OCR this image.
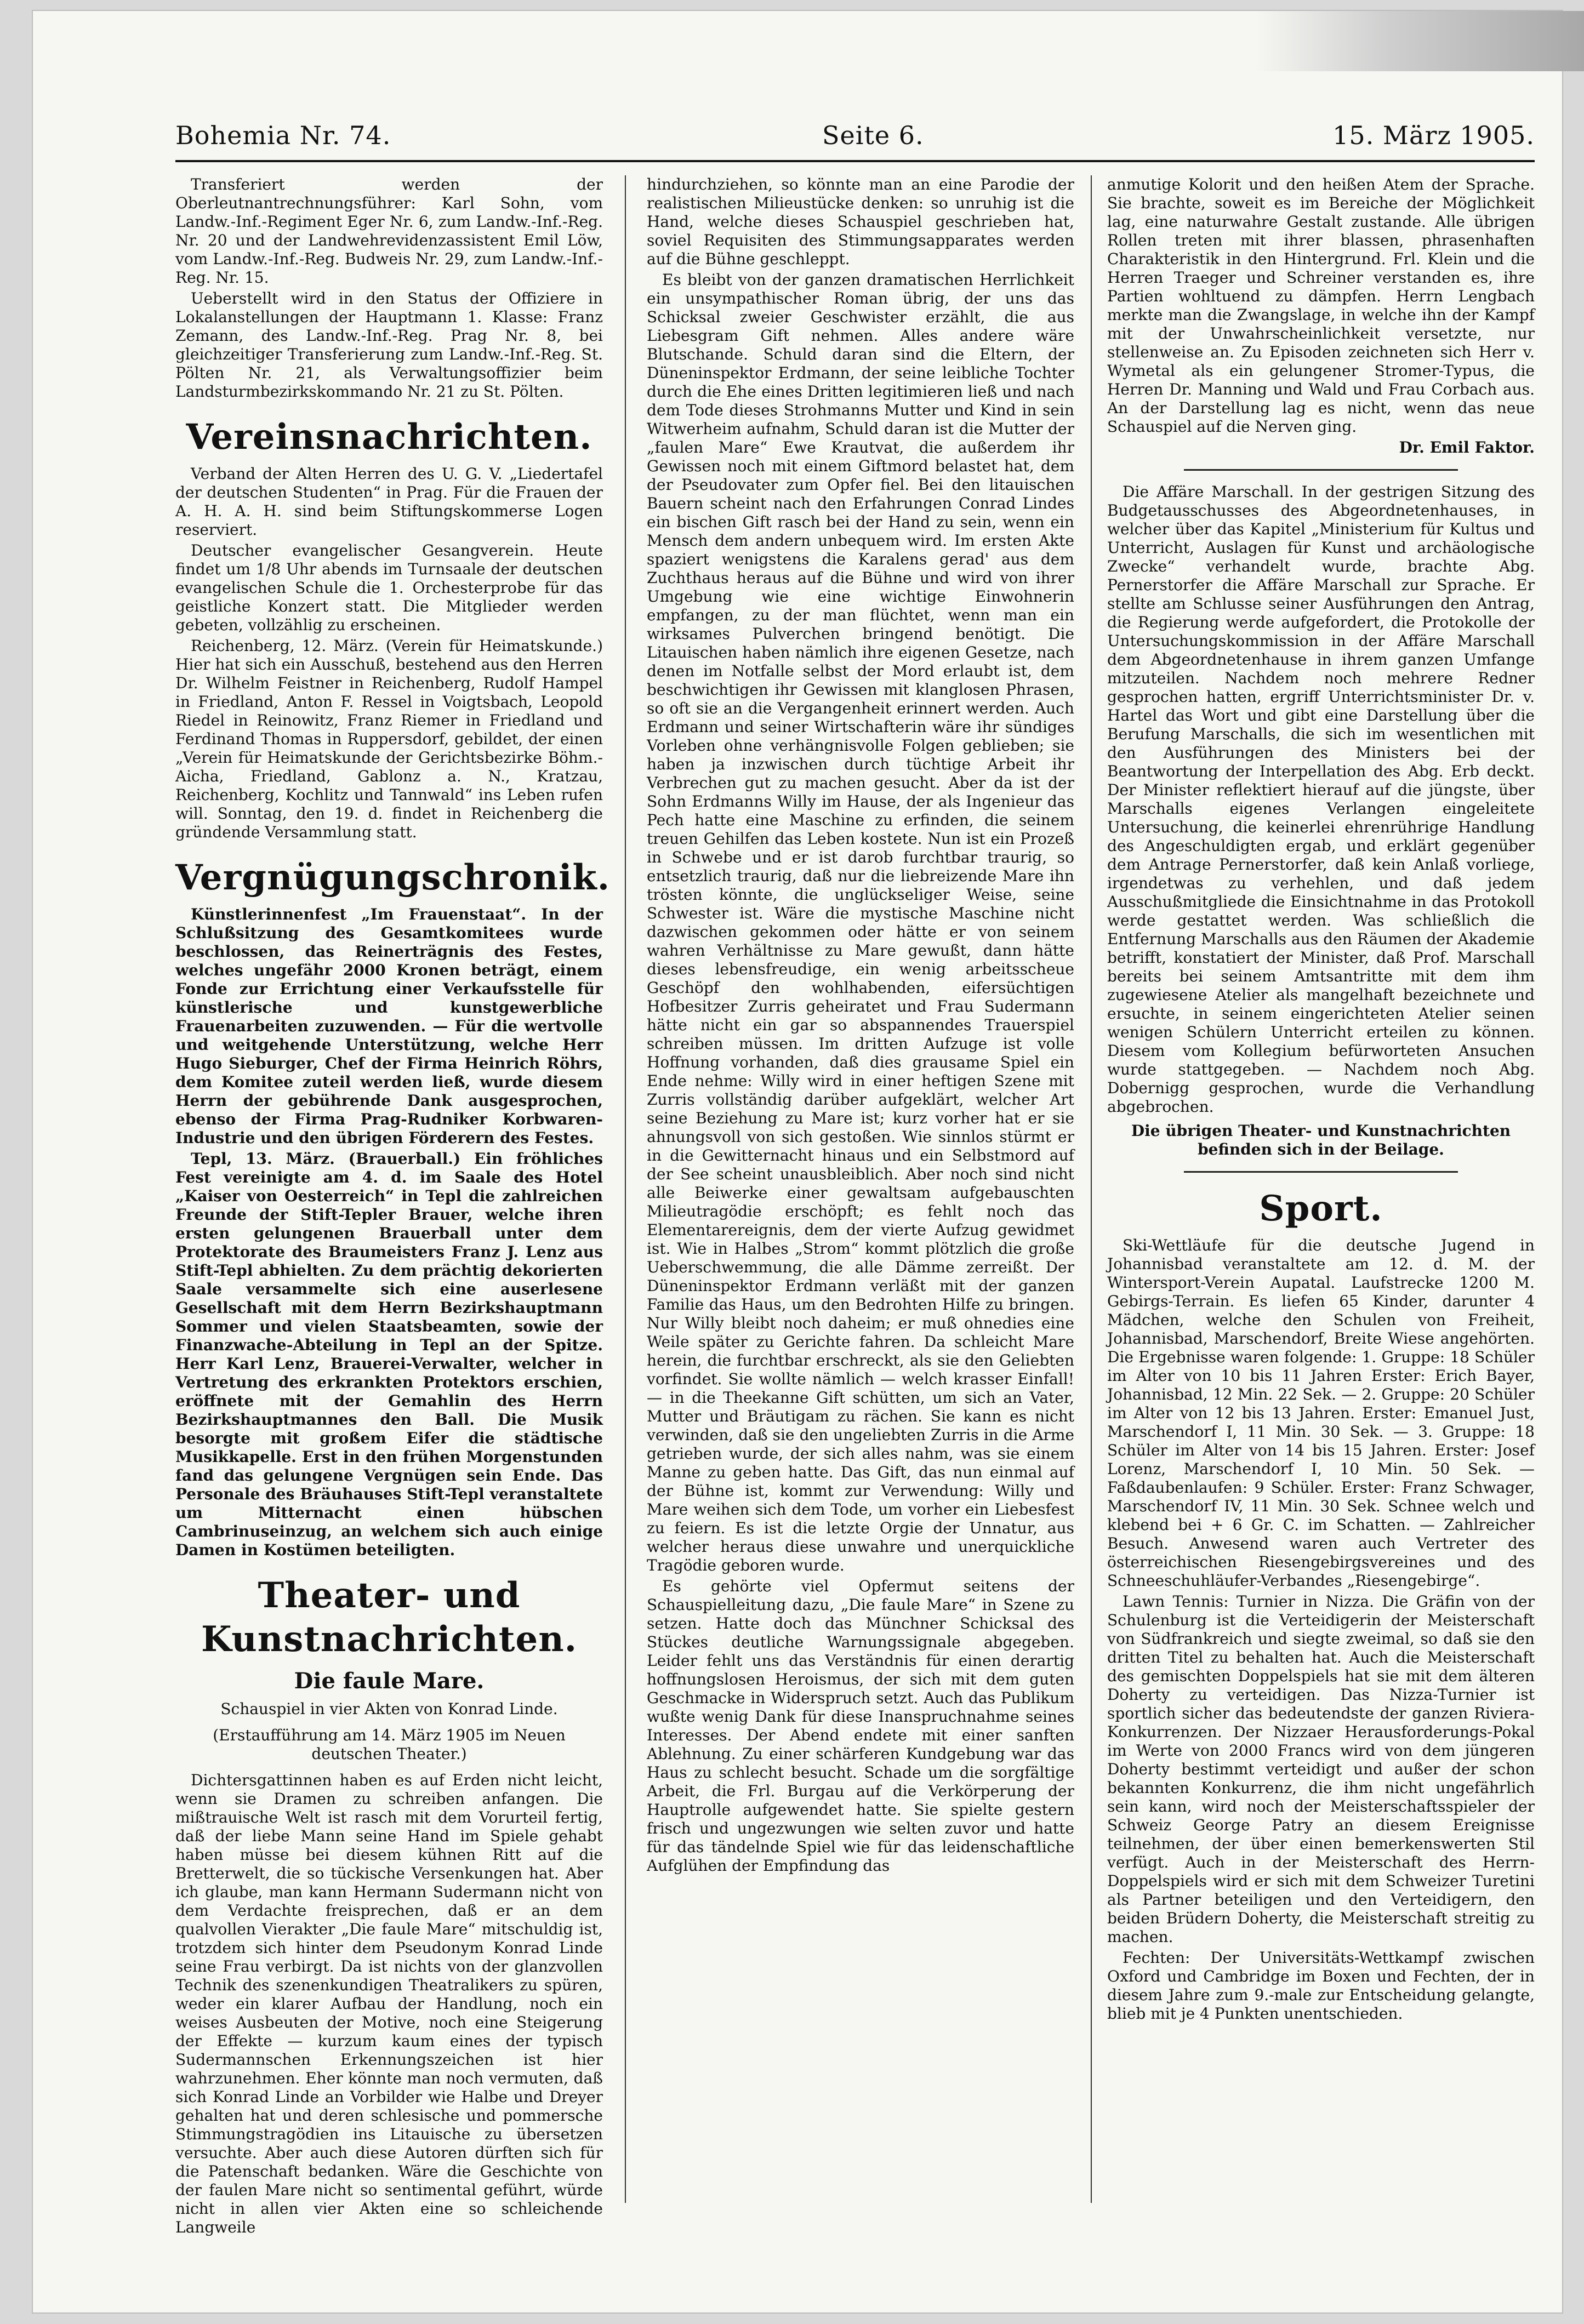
Bohemia Nr. 74.	Seite 6.	15. März 1905.

Transferiert werden der Oberleutnantrechnungsführer: Karl Sohn, vom Landw.-Inf.-Regiment Eger Nr. 6, zum Landw.-Inf.-Reg. Nr. 20 und der Landwehrevidenzassistent Emil Löw, vom Landw.-Inf.-Reg. Budweis Nr. 29, zum Landw.-Inf.-Reg. Nr. 15.

Ueberstellt wird in den Status der Offiziere in Lokalanstellungen der Hauptmann 1. Klasse: Franz Zemann, des Landw.-Inf.-Reg. Prag Nr. 8, bei gleichzeitiger Transferierung zum Landw.-Inf.-Reg. St. Pölten Nr. 21, als Verwaltungsoffizier beim Landsturmbezirkskommando Nr. 21 zu St. Pölten.

Vereinsnachrichten.

Verband der Alten Herren des U. G. V. „Liedertafel der deutschen Studenten“ in Prag. Für die Frauen der A. H. A. H. sind beim Stiftungskommerse Logen reserviert.

Deutscher evangelischer Gesangverein. Heute findet um 1/8 Uhr abends im Turnsaale der deutschen evangelischen Schule die 1. Orchesterprobe für das geistliche Konzert statt. Die Mitglieder werden gebeten, vollzählig zu erscheinen.

Reichenberg, 12. März. (Verein für Heimatskunde.) Hier hat sich ein Ausschuß, bestehend aus den Herren Dr. Wilhelm Feistner in Reichenberg, Rudolf Hampel in Friedland, Anton F. Ressel in Voigtsbach, Leopold Riedel in Reinowitz, Franz Riemer in Friedland und Ferdinand Thomas in Ruppersdorf, gebildet, der einen „Verein für Heimatskunde der Gerichtsbezirke Böhm.-Aicha, Friedland, Gablonz a. N., Kratzau, Reichenberg, Kochlitz und Tannwald“ ins Leben rufen will. Sonntag, den 19. d. findet in Reichenberg die gründende Versammlung statt.

Vergnügungschronik.

Künstlerinnenfest „Im Frauenstaat“. In der Schlußsitzung des Gesamtkomitees wurde beschlossen, das Reinerträgnis des Festes, welches ungefähr 2000 Kronen beträgt, einem Fonde zur Errichtung einer Verkaufsstelle für künstlerische und kunstgewerbliche Frauenarbeiten zuzuwenden. — Für die wertvolle und weitgehende Unterstützung, welche Herr Hugo Sieburger, Chef der Firma Heinrich Röhrs, dem Komitee zuteil werden ließ, wurde diesem Herrn der gebührende Dank ausgesprochen, ebenso der Firma Prag-Rudniker Korbwaren-Industrie und den übrigen Förderern des Festes.

Tepl, 13. März. (Brauerball.) Ein fröhliches Fest vereinigte am 4. d. im Saale des Hotel „Kaiser von Oesterreich“ in Tepl die zahlreichen Freunde der Stift-Tepler Brauer, welche ihren ersten gelungenen Brauerball unter dem Protektorate des Braumeisters Franz J. Lenz aus Stift-Tepl abhielten. Zu dem prächtig dekorierten Saale versammelte sich eine auserlesene Gesellschaft mit dem Herrn Bezirkshauptmann Sommer und vielen Staatsbeamten, sowie der Finanzwache-Abteilung in Tepl an der Spitze. Herr Karl Lenz, Brauerei-Verwalter, welcher in Vertretung des erkrankten Protektors erschien, eröffnete mit der Gemahlin des Herrn Bezirkshauptmannes den Ball. Die Musik besorgte mit großem Eifer die städtische Musikkapelle. Erst in den frühen Morgenstunden fand das gelungene Vergnügen sein Ende. Das Personale des Bräuhauses Stift-Tepl veranstaltete um Mitternacht einen hübschen Cambrinuseinzug, an welchem sich auch einige Damen in Kostümen beteiligten.

Theater- und Kunstnachrichten.
Die faule Mare.
Schauspiel in vier Akten von Konrad Linde.
(Erstaufführung am 14. März 1905 im Neuen deutschen Theater.)

Dichtersgattinnen haben es auf Erden nicht leicht, wenn sie Dramen zu schreiben anfangen. Die mißtrauische Welt ist rasch mit dem Vorurteil fertig, daß der liebe Mann seine Hand im Spiele gehabt haben müsse bei diesem kühnen Ritt auf die Bretterwelt, die so tückische Versenkungen hat. Aber ich glaube, man kann Hermann Sudermann nicht von dem Verdachte freisprechen, daß er an dem qualvollen Vierakter „Die faule Mare“ mitschuldig ist, trotzdem sich hinter dem Pseudonym Konrad Linde seine Frau verbirgt. Da ist nichts von der glanzvollen Technik des szenenkundigen Theatralikers zu spüren, weder ein klarer Aufbau der Handlung, noch ein weises Ausbeuten der Motive, noch eine Steigerung der Effekte — kurzum kaum eines der typisch Sudermannschen Erkennungszeichen ist hier wahrzunehmen. Eher könnte man noch vermuten, daß sich Konrad Linde an Vorbilder wie Halbe und Dreyer gehalten hat und deren schlesische und pommersche Stimmungstragödien ins Litauische zu übersetzen versuchte. Aber auch diese Autoren dürften sich für die Patenschaft bedanken. Wäre die Geschichte von der faulen Mare nicht so sentimental geführt, würde nicht in allen vier Akten eine so schleichende Langweile

hindurchziehen, so könnte man an eine Parodie der realistischen Milieustücke denken: so unruhig ist die Hand, welche dieses Schauspiel geschrieben hat, soviel Requisiten des Stimmungsapparates werden auf die Bühne geschleppt.

Es bleibt von der ganzen dramatischen Herrlichkeit ein unsympathischer Roman übrig, der uns das Schicksal zweier Geschwister erzählt, die aus Liebesgram Gift nehmen. Alles andere wäre Blutschande. Schuld daran sind die Eltern, der Düneninspektor Erdmann, der seine leibliche Tochter durch die Ehe eines Dritten legitimieren ließ und nach dem Tode dieses Strohmanns Mutter und Kind in sein Witwerheim aufnahm, Schuld daran ist die Mutter der „faulen Mare“ Ewe Krautvat, die außerdem ihr Gewissen noch mit einem Giftmord belastet hat, dem der Pseudovater zum Opfer fiel. Bei den litauischen Bauern scheint nach den Erfahrungen Conrad Lindes ein bischen Gift rasch bei der Hand zu sein, wenn ein Mensch dem andern unbequem wird. Im ersten Akte spaziert wenigstens die Karalens gerad' aus dem Zuchthaus heraus auf die Bühne und wird von ihrer Umgebung wie eine wichtige Einwohnerin empfangen, zu der man flüchtet, wenn man ein wirksames Pulverchen bringend benötigt. Die Litauischen haben nämlich ihre eigenen Gesetze, nach denen im Notfalle selbst der Mord erlaubt ist, dem beschwichtigen ihr Gewissen mit klanglosen Phrasen, so oft sie an die Vergangenheit erinnert werden. Auch Erdmann und seiner Wirtschafterin wäre ihr sündiges Vorleben ohne verhängnisvolle Folgen geblieben; sie haben ja inzwischen durch tüchtige Arbeit ihr Verbrechen gut zu machen gesucht. Aber da ist der Sohn Erdmanns Willy im Hause, der als Ingenieur das Pech hatte eine Maschine zu erfinden, die seinem treuen Gehilfen das Leben kostete. Nun ist ein Prozeß in Schwebe und er ist darob furchtbar traurig, so entsetzlich traurig, daß nur die liebreizende Mare ihn trösten könnte, die unglückseliger Weise, seine Schwester ist. Wäre die mystische Maschine nicht dazwischen gekommen oder hätte er von seinem wahren Verhältnisse zu Mare gewußt, dann hätte dieses lebensfreudige, ein wenig arbeitsscheue Geschöpf den wohlhabenden, eifersüchtigen Hofbesitzer Zurris geheiratet und Frau Sudermann hätte nicht ein gar so abspannendes Trauerspiel schreiben müssen. Im dritten Aufzuge ist volle Hoffnung vorhanden, daß dies grausame Spiel ein Ende nehme: Willy wird in einer heftigen Szene mit Zurris vollständig darüber aufgeklärt, welcher Art seine Beziehung zu Mare ist; kurz vorher hat er sie ahnungsvoll von sich gestoßen. Wie sinnlos stürmt er in die Gewitternacht hinaus und ein Selbstmord auf der See scheint unausbleiblich. Aber noch sind nicht alle Beiwerke einer gewaltsam aufgebauschten Milieutragödie erschöpft; es fehlt noch das Elementarereignis, dem der vierte Aufzug gewidmet ist. Wie in Halbes „Strom“ kommt plötzlich die große Ueberschwemmung, die alle Dämme zerreißt. Der Düneninspektor Erdmann verläßt mit der ganzen Familie das Haus, um den Bedrohten Hilfe zu bringen. Nur Willy bleibt noch daheim; er muß ohnedies eine Weile später zu Gerichte fahren. Da schleicht Mare herein, die furchtbar erschreckt, als sie den Geliebten vorfindet. Sie wollte nämlich — welch krasser Einfall! — in die Theekanne Gift schütten, um sich an Vater, Mutter und Bräutigam zu rächen. Sie kann es nicht verwinden, daß sie den ungeliebten Zurris in die Arme getrieben wurde, der sich alles nahm, was sie einem Manne zu geben hatte. Das Gift, das nun einmal auf der Bühne ist, kommt zur Verwendung: Willy und Mare weihen sich dem Tode, um vorher ein Liebesfest zu feiern. Es ist die letzte Orgie der Unnatur, aus welcher heraus diese unwahre und unerquickliche Tragödie geboren wurde.

Es gehörte viel Opfermut seitens der Schauspielleitung dazu, „Die faule Mare“ in Szene zu setzen. Hatte doch das Münchner Schicksal des Stückes deutliche Warnungssignale abgegeben. Leider fehlt uns das Verständnis für einen derartig hoffnungslosen Heroismus, der sich mit dem guten Geschmacke in Widerspruch setzt. Auch das Publikum wußte wenig Dank für diese Inanspruchnahme seines Interesses. Der Abend endete mit einer sanften Ablehnung. Zu einer schärferen Kundgebung war das Haus zu schlecht besucht. Schade um die sorgfältige Arbeit, die Frl. Burgau auf die Verkörperung der Hauptrolle aufgewendet hatte. Sie spielte gestern frisch und ungezwungen wie selten zuvor und hatte für das tändelnde Spiel wie für das leidenschaftliche Aufglühen der Empfindung das

anmutige Kolorit und den heißen Atem der Sprache. Sie brachte, soweit es im Bereiche der Möglichkeit lag, eine naturwahre Gestalt zustande. Alle übrigen Rollen treten mit ihrer blassen, phrasenhaften Charakteristik in den Hintergrund. Frl. Klein und die Herren Traeger und Schreiner verstanden es, ihre Partien wohltuend zu dämpfen. Herrn Lengbach merkte man die Zwangslage, in welche ihn der Kampf mit der Unwahrscheinlichkeit versetzte, nur stellenweise an. Zu Episoden zeichneten sich Herr v. Wymetal als ein gelungener Stromer-Typus, die Herren Dr. Manning und Wald und Frau Corbach aus. An der Darstellung lag es nicht, wenn das neue Schauspiel auf die Nerven ging.

Dr. Emil Faktor.

Die Affäre Marschall. In der gestrigen Sitzung des Budgetausschusses des Abgeordnetenhauses, in welcher über das Kapitel „Ministerium für Kultus und Unterricht, Auslagen für Kunst und archäologische Zwecke“ verhandelt wurde, brachte Abg. Pernerstorfer die Affäre Marschall zur Sprache. Er stellte am Schlusse seiner Ausführungen den Antrag, die Regierung werde aufgefordert, die Protokolle der Untersuchungskommission in der Affäre Marschall dem Abgeordnetenhause in ihrem ganzen Umfange mitzuteilen. Nachdem noch mehrere Redner gesprochen hatten, ergriff Unterrichtsminister Dr. v. Hartel das Wort und gibt eine Darstellung über die Berufung Marschalls, die sich im wesentlichen mit den Ausführungen des Ministers bei der Beantwortung der Interpellation des Abg. Erb deckt. Der Minister reflektiert hierauf auf die jüngste, über Marschalls eigenes Verlangen eingeleitete Untersuchung, die keinerlei ehrenrührige Handlung des Angeschuldigten ergab, und erklärt gegenüber dem Antrage Pernerstorfer, daß kein Anlaß vorliege, irgendetwas zu verhehlen, und daß jedem Ausschußmitgliede die Einsichtnahme in das Protokoll werde gestattet werden. Was schließlich die Entfernung Marschalls aus den Räumen der Akademie betrifft, konstatiert der Minister, daß Prof. Marschall bereits bei seinem Amtsantritte mit dem ihm zugewiesene Atelier als mangelhaft bezeichnete und ersuchte, in seinem eingerichteten Atelier seinen wenigen Schülern Unterricht erteilen zu können. Diesem vom Kollegium befürworteten Ansuchen wurde stattgegeben. — Nachdem noch Abg. Dobernigg gesprochen, wurde die Verhandlung abgebrochen.

Die übrigen Theater- und Kunstnachrichten befinden sich in der Beilage.
Sport.

Ski-Wettläufe für die deutsche Jugend in Johannisbad veranstaltete am 12. d. M. der Wintersport-Verein Aupatal. Laufstrecke 1200 M. Gebirgs-Terrain. Es liefen 65 Kinder, darunter 4 Mädchen, welche den Schulen von Freiheit, Johannisbad, Marschendorf, Breite Wiese angehörten. Die Ergebnisse waren folgende: 1. Gruppe: 18 Schüler im Alter von 10 bis 11 Jahren Erster: Erich Bayer, Johannisbad, 12 Min. 22 Sek. — 2. Gruppe: 20 Schüler im Alter von 12 bis 13 Jahren. Erster: Emanuel Just, Marschendorf I, 11 Min. 30 Sek. — 3. Gruppe: 18 Schüler im Alter von 14 bis 15 Jahren. Erster: Josef Lorenz, Marschendorf I, 10 Min. 50 Sek. — Faßdaubenlaufen: 9 Schüler. Erster: Franz Schwager, Marschendorf IV, 11 Min. 30 Sek. Schnee welch und klebend bei + 6 Gr. C. im Schatten. — Zahlreicher Besuch. Anwesend waren auch Vertreter des österreichischen Riesengebirgsvereines und des Schneeschuhläufer-Verbandes „Riesengebirge“.

Lawn Tennis: Turnier in Nizza. Die Gräfin von der Schulenburg ist die Verteidigerin der Meisterschaft von Südfrankreich und siegte zweimal, so daß sie den dritten Titel zu behalten hat. Auch die Meisterschaft des gemischten Doppelspiels hat sie mit dem älteren Doherty zu verteidigen. Das Nizza-Turnier ist sportlich sicher das bedeutendste der ganzen Riviera-Konkurrenzen. Der Nizzaer Herausforderungs-Pokal im Werte von 2000 Francs wird von dem jüngeren Doherty bestimmt verteidigt und außer der schon bekannten Konkurrenz, die ihm nicht ungefährlich sein kann, wird noch der Meisterschaftsspieler der Schweiz George Patry an diesem Ereignisse teilnehmen, der über einen bemerkenswerten Stil verfügt. Auch in der Meisterschaft des Herrn-Doppelspiels wird er sich mit dem Schweizer Turetini als Partner beteiligen und den Verteidigern, den beiden Brüdern Doherty, die Meisterschaft streitig zu machen.

Fechten: Der Universitäts-Wettkampf zwischen Oxford und Cambridge im Boxen und Fechten, der in diesem Jahre zum 9.-male zur Entscheidung gelangte, blieb mit je 4 Punkten unentschieden.
